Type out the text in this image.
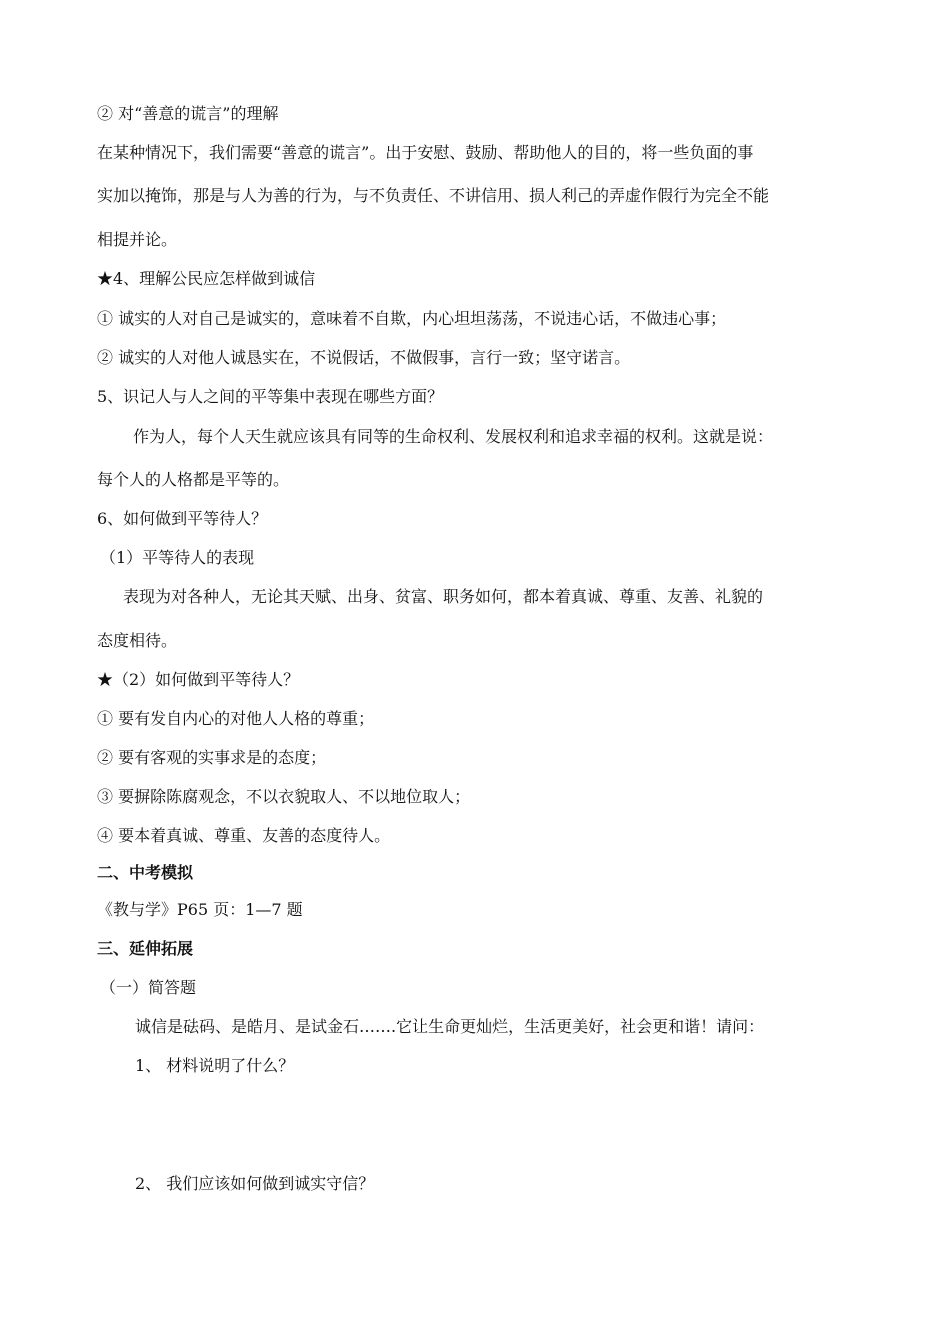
② 对“善意的谎言”的理解
在某种情况下，我们需要“善意的谎言”。出于安慰、鼓励、帮助他人的目的，将一些负面的事
实加以掩饰，那是与人为善的行为，与不负责任、不讲信用、损人利己的弄虚作假行为完全不能
相提并论。
★4、理解公民应怎样做到诚信
① 诚实的人对自己是诚实的，意味着不自欺，内心坦坦荡荡，不说违心话，不做违心事；
② 诚实的人对他人诚恳实在，不说假话，不做假事，言行一致；坚守诺言。
5、识记人与人之间的平等集中表现在哪些方面？
作为人，每个人天生就应该具有同等的生命权利、发展权利和追求幸福的权利。这就是说：
每个人的人格都是平等的。
6、如何做到平等待人？
（1）平等待人的表现
表现为对各种人，无论其天赋、出身、贫富、职务如何，都本着真诚、尊重、友善、礼貌的
态度相待。
★（2）如何做到平等待人？
① 要有发自内心的对他人人格的尊重；
② 要有客观的实事求是的态度；
③ 要摒除陈腐观念，不以衣貌取人、不以地位取人；
④ 要本着真诚、尊重、友善的态度待人。
二、中考模拟
《教与学》P65 页：1—7 题
三、延伸拓展
（一）简答题
诚信是砝码、是皓月、是试金石…….它让生命更灿烂，生活更美好，社会更和谐！请问：
1、 材料说明了什么？
2、 我们应该如何做到诚实守信？
